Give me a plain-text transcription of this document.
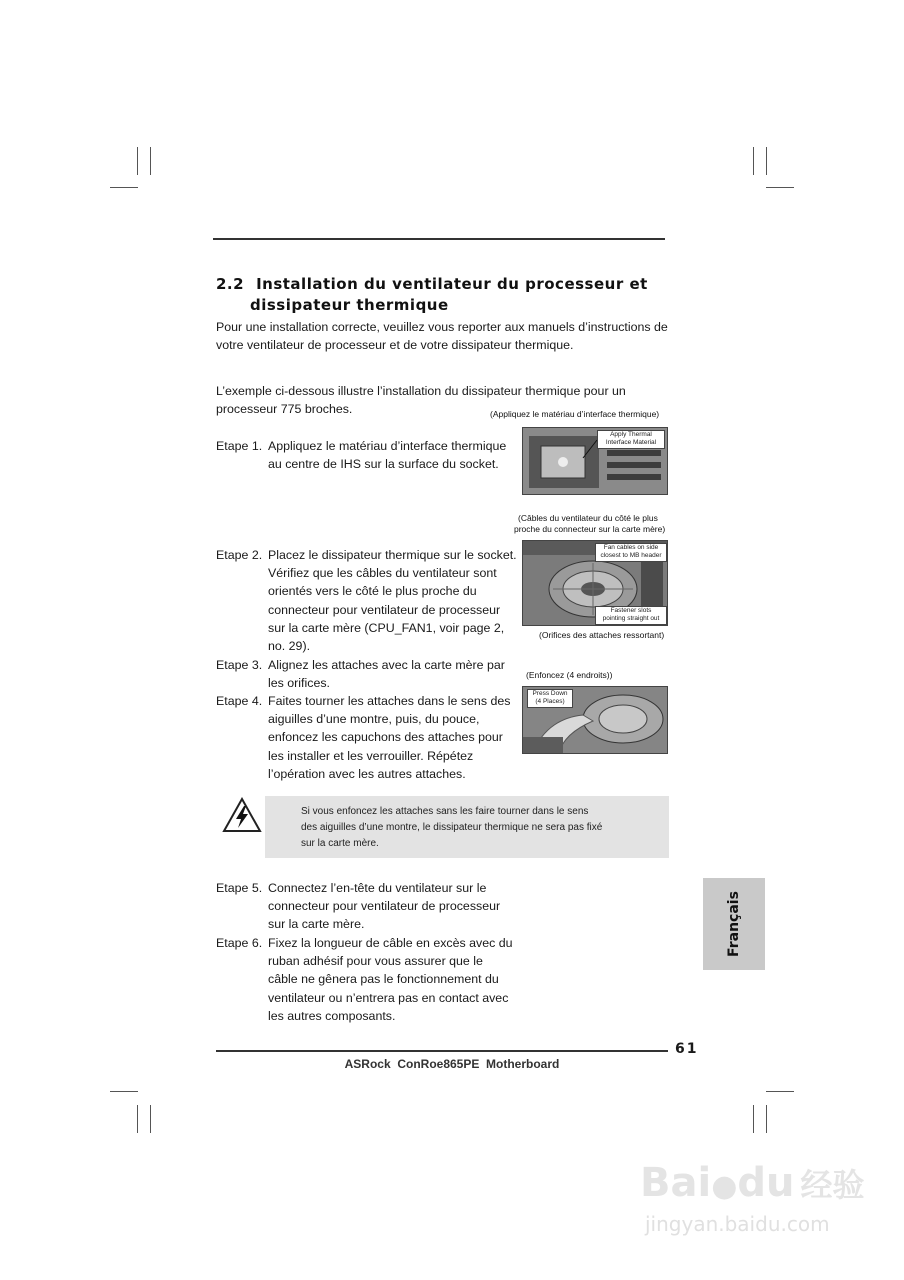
2.2 Installation du ventilateur du processeur et
dissipateur thermique
Pour une installation correcte, veuillez vous reporter aux manuels d’instructions de
votre ventilateur de processeur et de votre dissipateur thermique.
L’exemple ci-dessous illustre l’installation du dissipateur thermique pour un
processeur 775 broches.	(Appliquez le matériau d’interface thermique)
Apply Thermal
Interface Material
Etape 1. Appliquez le matériau d’interface thermique
au centre de IHS sur la surface du socket.
(Câbles du ventilateur du côté le plus
proche du connecteur sur la carte mère)
Fan cables on side
closest to MB header
Fastener slots
pointing straight out
(Orifices des attaches ressortant)
Etape 2. Placez le dissipateur thermique sur le socket.
Vérifiez que les câbles du ventilateur sont
orientés vers le côté le plus proche du
connecteur pour ventilateur de processeur
sur la carte mère (CPU_FAN1, voir page 2,
no. 29).
Etape 3. Alignez les attaches avec la carte mère par
les orifices.
(Enfoncez (4 endroits))
Press Down
(4 Places)
Etape 4. Faites tourner les attaches dans le sens des
aiguilles d’une montre, puis, du pouce,
enfoncez les capuchons des attaches pour
les installer et les verrouiller. Répétez
l’opération avec les autres attaches.
Si vous enfoncez les attaches sans les faire tourner dans le sens
des aiguilles d’une montre, le dissipateur thermique ne sera pas fixé
sur la carte mère.
Etape 5. Connectez l’en-tête du ventilateur sur le
connecteur pour ventilateur de processeur
sur la carte mère.
Etape 6. Fixez la longueur de câble en excès avec du
ruban adhésif pour vous assurer que le
câble ne gênera pas le fonctionnement du
ventilateur ou n’entrera pas en contact avec
les autres composants.
Français
61
ASRock  ConRoe865PE  Motherboard
Bai●du 经验
jingyan.baidu.com
